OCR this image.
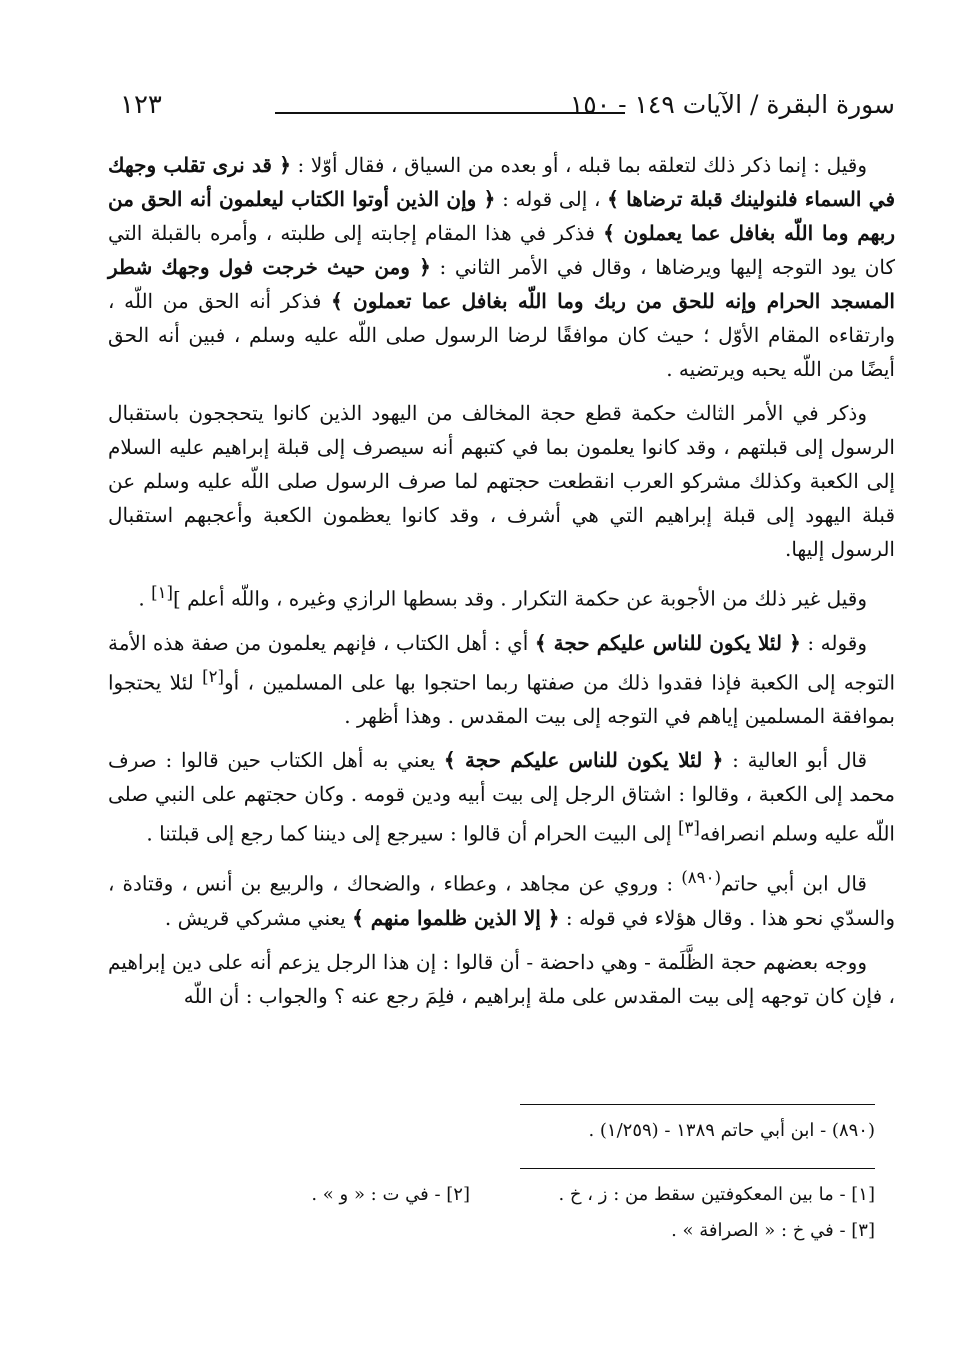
١٢٣	سورة البقرة / الآيات ١٤٩ - ١٥٠

وقيل : إنما ذكر ذلك لتعلقه بما قبله ، أو بعده من السياق ، فقال أوّلا : ﴿ قد نرى تقلب وجهك في السماء فلنولينك قبلة ترضاها ﴾ ، إلى قوله : ﴿ وإن الذين أوتوا الكتاب ليعلمون أنه الحق من ربهم وما اللّه بغافل عما يعملون ﴾ فذكر في هذا المقام إجابته إلى طلبته ، وأمره بالقبلة التي كان يود التوجه إليها ويرضاها ، وقال في الأمر الثاني : ﴿ ومن حيث خرجت فول وجهك شطر المسجد الحرام وإنه للحق من ربك وما اللّه بغافل عما تعملون ﴾ فذكر أنه الحق من اللّه ، وارتقاءه المقام الأوّل ؛ حيث كان موافقًا لرضا الرسول صلى اللّه عليه وسلم ، فبين أنه الحق أيضًا من اللّه يحبه ويرتضيه .

وذكر في الأمر الثالث حكمة قطع حجة المخالف من اليهود الذين كانوا يتحججون باستقبال الرسول إلى قبلتهم ، وقد كانوا يعلمون بما في كتبهم أنه سيصرف إلى قبلة إبراهيم عليه السلام إلى الكعبة وكذلك مشركو العرب انقطعت حجتهم لما صرف الرسول صلى اللّه عليه وسلم عن قبلة اليهود إلى قبلة إبراهيم التي هي أشرف ، وقد كانوا يعظمون الكعبة وأعجبهم استقبال الرسول إليها.

وقيل غير ذلك من الأجوبة عن حكمة التكرار . وقد بسطها الرازي وغيره ، واللّه أعلم ][١] .

وقوله : ﴿ لئلا يكون للناس عليكم حجة ﴾ أي : أهل الكتاب ، فإنهم يعلمون من صفة هذه الأمة التوجه إلى الكعبة فإذا فقدوا ذلك من صفتها ربما احتجوا بها على المسلمين ، أو[٢] لئلا يحتجوا بموافقة المسلمين إياهم في التوجه إلى بيت المقدس . وهذا أظهر .

قال أبو العالية : ﴿ لئلا يكون للناس عليكم حجة ﴾ يعني به أهل الكتاب حين قالوا : صرف محمد إلى الكعبة ، وقالوا : اشتاق الرجل إلى بيت أبيه ودين قومه . وكان حجتهم على النبي صلى اللّه عليه وسلم انصرافه[٣] إلى البيت الحرام أن قالوا : سيرجع إلى ديننا كما رجع إلى قبلتنا .

قال ابن أبي حاتم$^{(٨٩٠)}$ : وروي عن مجاهد ، وعطاء ، والضحاك ، والربيع بن أنس ، وقتادة ، والسدّي نحو هذا . وقال هؤلاء في قوله : ﴿ إلا الذين ظلموا منهم ﴾ يعني مشركي قريش .

ووجه بعضهم حجة الظَّلَمة - وهي داحضة - أن قالوا : إن هذا الرجل يزعم أنه على دين إبراهيم ، فإن كان توجهه إلى بيت المقدس على ملة إبراهيم ، فلِمَ رجع عنه ؟ والجواب : أن اللّه

(٨٩٠) - ابن أبي حاتم ١٣٨٩ - (١/٢٥٩) .
[١] - ما بين المعكوفتين سقط من : ز ، خ .
[٢] - في ت : « و » .
[٣] - في خ : « الصرافة » .
